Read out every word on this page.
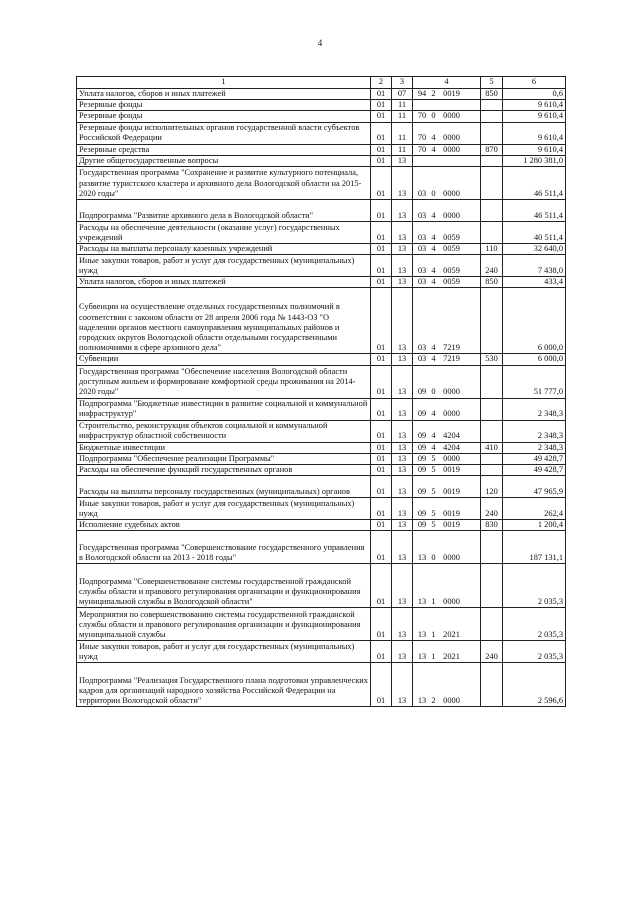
4
1	2	3	4	5	6
Уплата налогов, сборов и иных платежей	01	07	94 2 0019	850	0,6
Резервные фонды	01	11			9 610,4
Резервные фонды	01	11	70 0 0000		9 610,4
Резервные фонды исполнительных органов государственной власти субъектов Российской Федерации	01	11	70 4 0000		9 610,4
Резервные средства	01	11	70 4 0000	870	9 610,4
Другие общегосударственные вопросы	01	13			1 280 381,0
Государственная программа "Сохранение и развитие культурного потенциала, развитие туристского кластера и архивного дела Вологодской области на 2015-2020 годы"	01	13	03 0 0000		46 511,4
Подпрограмма "Развитие архивного дела в Вологодской области"	01	13	03 4 0000		46 511,4
Расходы на обеспечение деятельности (оказание услуг) государственных учреждений	01	13	03 4 0059		40 511,4
Расходы на выплаты персоналу казенных учреждений	01	13	03 4 0059	110	32 640,0
Иные закупки товаров, работ и услуг для государственных (муниципальных) нужд	01	13	03 4 0059	240	7 438,0
Уплата налогов, сборов и иных платежей	01	13	03 4 0059	850	433,4
Субвенции на осуществление отдельных государственных полномочий в соответствии с законом области от 28 апреля 2006 года № 1443-ОЗ "О наделении органов местного самоуправления муниципальных районов и городских округов Вологодской области отдельными государственными полномочиями в сфере архивного дела"	01	13	03 4 7219		6 000,0
Субвенции	01	13	03 4 7219	530	6 000,0
Государственная программа "Обеспечение населения Вологодской области доступным жильем и формирование комфортной среды проживания на 2014-2020 годы"	01	13	09 0 0000		51 777,0
Подпрограмма "Бюджетные инвестиции в развитие социальной и коммунальной инфраструктур"	01	13	09 4 0000		2 348,3
Строительство, реконструкция объектов социальной и коммунальной инфраструктур областной собственности	01	13	09 4 4204		2 348,3
Бюджетные инвестиции	01	13	09 4 4204	410	2 348,3
Подпрограмма "Обеспечение реализации Программы"	01	13	09 5 0000		49 428,7
Расходы на обеспечение функций государственных органов	01	13	09 5 0019		49 428,7
Расходы на выплаты персоналу государственных (муниципальных) органов	01	13	09 5 0019	120	47 965,9
Иные закупки товаров, работ и услуг для государственных (муниципальных) нужд	01	13	09 5 0019	240	262,4
Исполнение судебных актов	01	13	09 5 0019	830	1 200,4
Государственная программа "Совершенствование государственного управления в Вологодской области на 2013 - 2018 годы"	01	13	13 0 0000		187 131,1
Подпрограмма "Совершенствование системы государственной гражданской службы области и правового регулирования организации и функционирования муниципальной службы в Вологодской области"	01	13	13 1 0000		2 035,3
Мероприятия по совершенствованию системы государственной гражданской службы области и правового регулирования организации и функционирования муниципальной службы	01	13	13 1 2021		2 035,3
Иные закупки товаров, работ и услуг для государственных (муниципальных) нужд	01	13	13 1 2021	240	2 035,3
Подпрограмма "Реализация Государственного плана подготовки управленческих кадров для организаций народного хозяйства Российской Федерации на территории Вологодской области"	01	13	13 2 0000		2 596,6
